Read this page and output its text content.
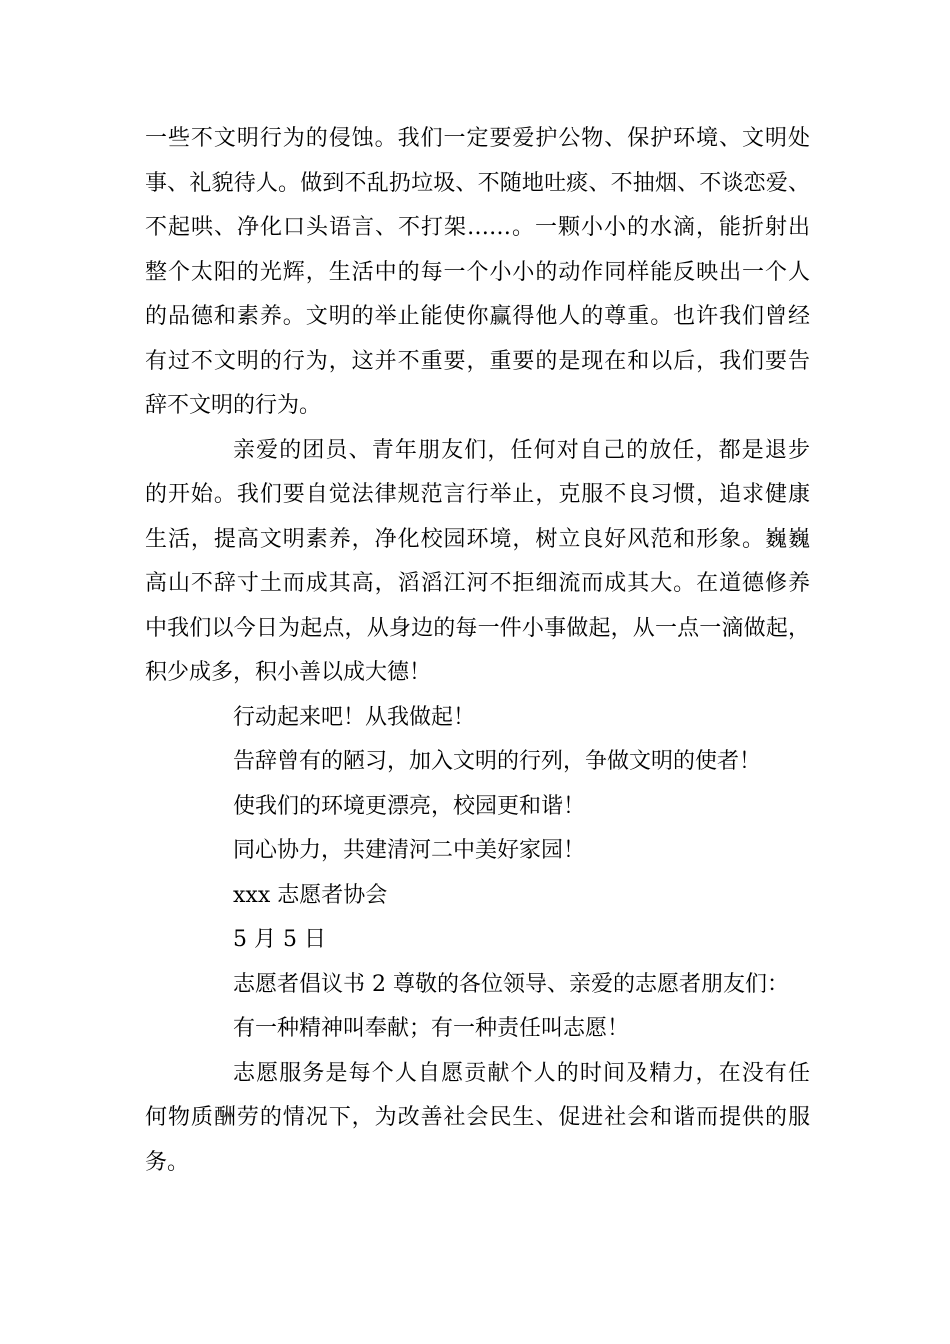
一些不文明行为的侵蚀。我们一定要爱护公物、保护环境、文明处
事、礼貌待人。做到不乱扔垃圾、不随地吐痰、不抽烟、不谈恋爱、
不起哄、净化口头语言、不打架……。一颗小小的水滴，能折射出
整个太阳的光辉，生活中的每一个小小的动作同样能反映出一个人
的品德和素养。文明的举止能使你赢得他人的尊重。也许我们曾经
有过不文明的行为，这并不重要，重要的是现在和以后，我们要告
辞不文明的行为。
亲爱的团员、青年朋友们，任何对自己的放任，都是退步
的开始。我们要自觉法律规范言行举止，克服不良习惯，追求健康
生活，提高文明素养，净化校园环境，树立良好风范和形象。巍巍
高山不辞寸土而成其高，滔滔江河不拒细流而成其大。在道德修养
中我们以今日为起点，从身边的每一件小事做起，从一点一滴做起，
积少成多，积小善以成大德！
行动起来吧！从我做起！
告辞曾有的陋习，加入文明的行列，争做文明的使者！
使我们的环境更漂亮，校园更和谐！
同心协力，共建清河二中美好家园！
xxx 志愿者协会
5 月 5 日
志愿者倡议书 2 尊敬的各位领导、亲爱的志愿者朋友们：
有一种精神叫奉献；有一种责任叫志愿！
志愿服务是每个人自愿贡献个人的时间及精力，在没有任
何物质酬劳的情况下，为改善社会民生、促进社会和谐而提供的服
务。
